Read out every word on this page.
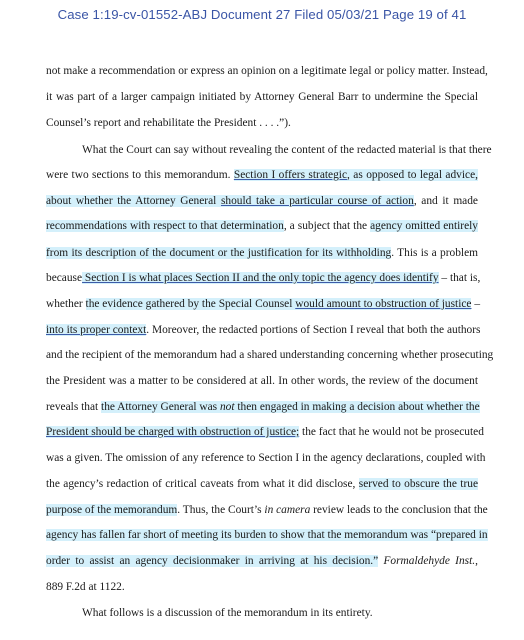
Case 1:19-cv-01552-ABJ Document 27 Filed 05/03/21 Page 19 of 41
not make a recommendation or express an opinion on a legitimate legal or policy matter. Instead,
it was part of a larger campaign initiated by Attorney General Barr to undermine the Special
Counsel’s report and rehabilitate the President . . . .”).
What the Court can say without revealing the content of the redacted material is that there
were two sections to this memorandum. Section I offers strategic, as opposed to legal advice,
about whether the Attorney General should take a particular course of action, and it made
recommendations with respect to that determination, a subject that the agency omitted entirely
from its description of the document or the justification for its withholding. This is a problem
because Section I is what places Section II and the only topic the agency does identify – that is,
whether the evidence gathered by the Special Counsel would amount to obstruction of justice –
into its proper context. Moreover, the redacted portions of Section I reveal that both the authors
and the recipient of the memorandum had a shared understanding concerning whether prosecuting
the President was a matter to be considered at all. In other words, the review of the document
reveals that the Attorney General was not then engaged in making a decision about whether the
President should be charged with obstruction of justice; the fact that he would not be prosecuted
was a given. The omission of any reference to Section I in the agency declarations, coupled with
the agency’s redaction of critical caveats from what it did disclose, served to obscure the true
purpose of the memorandum. Thus, the Court’s in camera review leads to the conclusion that the
agency has fallen far short of meeting its burden to show that the memorandum was “prepared in
order to assist an agency decisionmaker in arriving at his decision.” Formaldehyde Inst.,
889 F.2d at 1122.
What follows is a discussion of the memorandum in its entirety.
